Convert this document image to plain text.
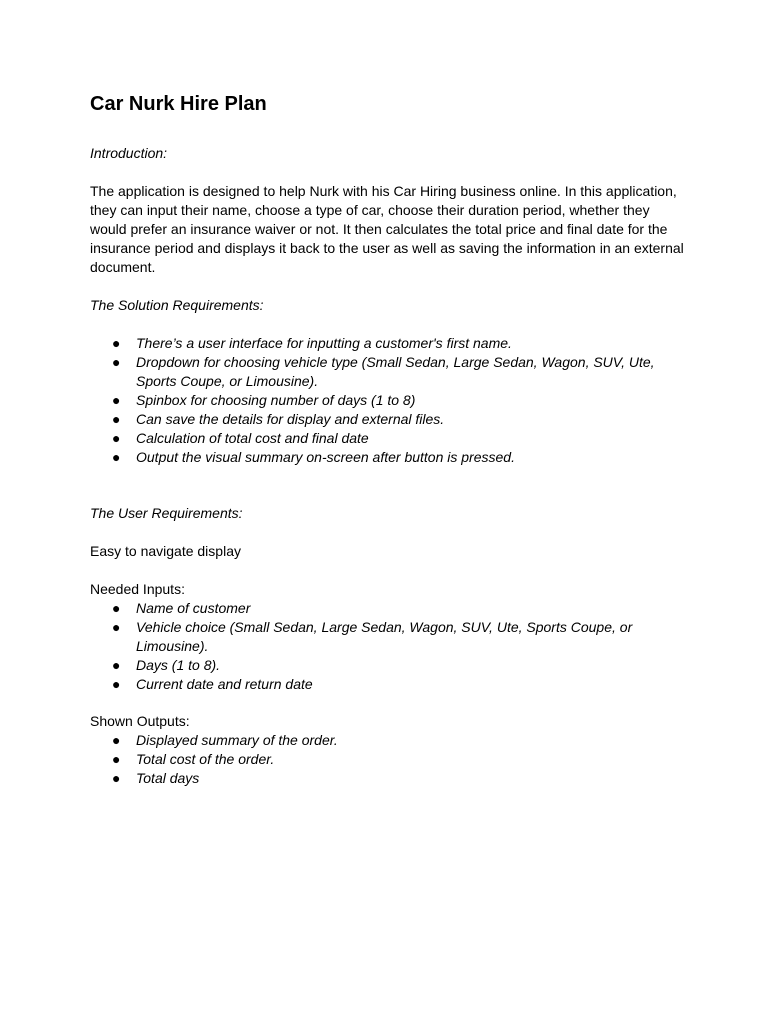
Car Nurk Hire Plan

Introduction:

The application is designed to help Nurk with his Car Hiring business online. In this application, they can input their name, choose a type of car, choose their duration period, whether they would prefer an insurance waiver or not. It then calculates the total price and final date for the insurance period and displays it back to the user as well as saving the information in an external document.

The Solution Requirements:

● There’s a user interface for inputting a customer's first name.
● Dropdown for choosing vehicle type (Small Sedan, Large Sedan, Wagon, SUV, Ute, Sports Coupe, or Limousine).
● Spinbox for choosing number of days (1 to 8)
● Can save the details for display and external files.
● Calculation of total cost and final date
● Output the visual summary on-screen after button is pressed.

The User Requirements:

Easy to navigate display

Needed Inputs:

● Name of customer
● Vehicle choice (Small Sedan, Large Sedan, Wagon, SUV, Ute, Sports Coupe, or Limousine).
● Days (1 to 8).
● Current date and return date

Shown Outputs:

● Displayed summary of the order.
● Total cost of the order.
● Total days
